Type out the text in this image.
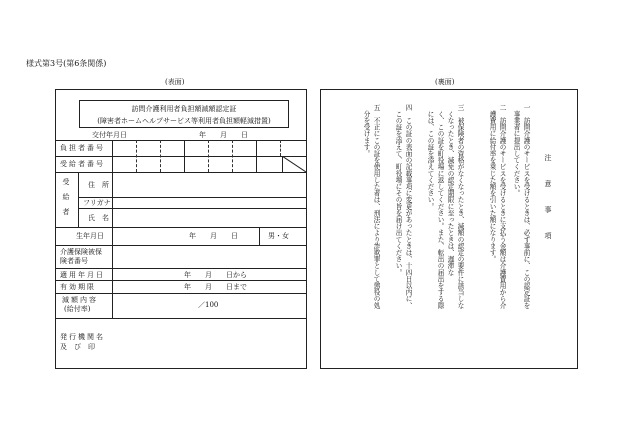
様式第3号(第6条関係)
(表面)	(裏面)
訪問介護利用者負担額減額認定証
(障害者ホームヘルプサービス等利用者負担額軽減措置)
交付年月日	年　　月　　日
負担者番号
受給者番号
受給者	住　所
フリガナ
氏　名
生年月日	年　　月　　日	男・女
介護保険被保
険者番号
適用年月日	年　　月　　日から
有効期限	年　　月　　日まで
減額内容
(給付率)	／100
発行機関名
及　び　印
注　意　事　項
一　訪問介護のサービスを受けるときは、必ず事前に、この認定証を
　事業者に提出してください。
二　訪問介護のサービスを受けるときに支払う金額は介護費用から介
　護費用に給付率を乗じた額を引いた額になります。
三　被保険者の資格がなくなったとき、減額の認定の要件に該当しな
　くなったとき、減免の認定期限に至ったときは、遅滞な
　く、この証を町役場に返してください。また、転出の届出をする際
　には、この証を添えてください。
四　この証の表面の記載事項に変更があったときは、十四日以内に、
　この証を添えて、町役場にその旨を届け出てください。
五　不正にこの証を使用した者は、刑法により詐欺罪として懲役の処
　分を受けます。
